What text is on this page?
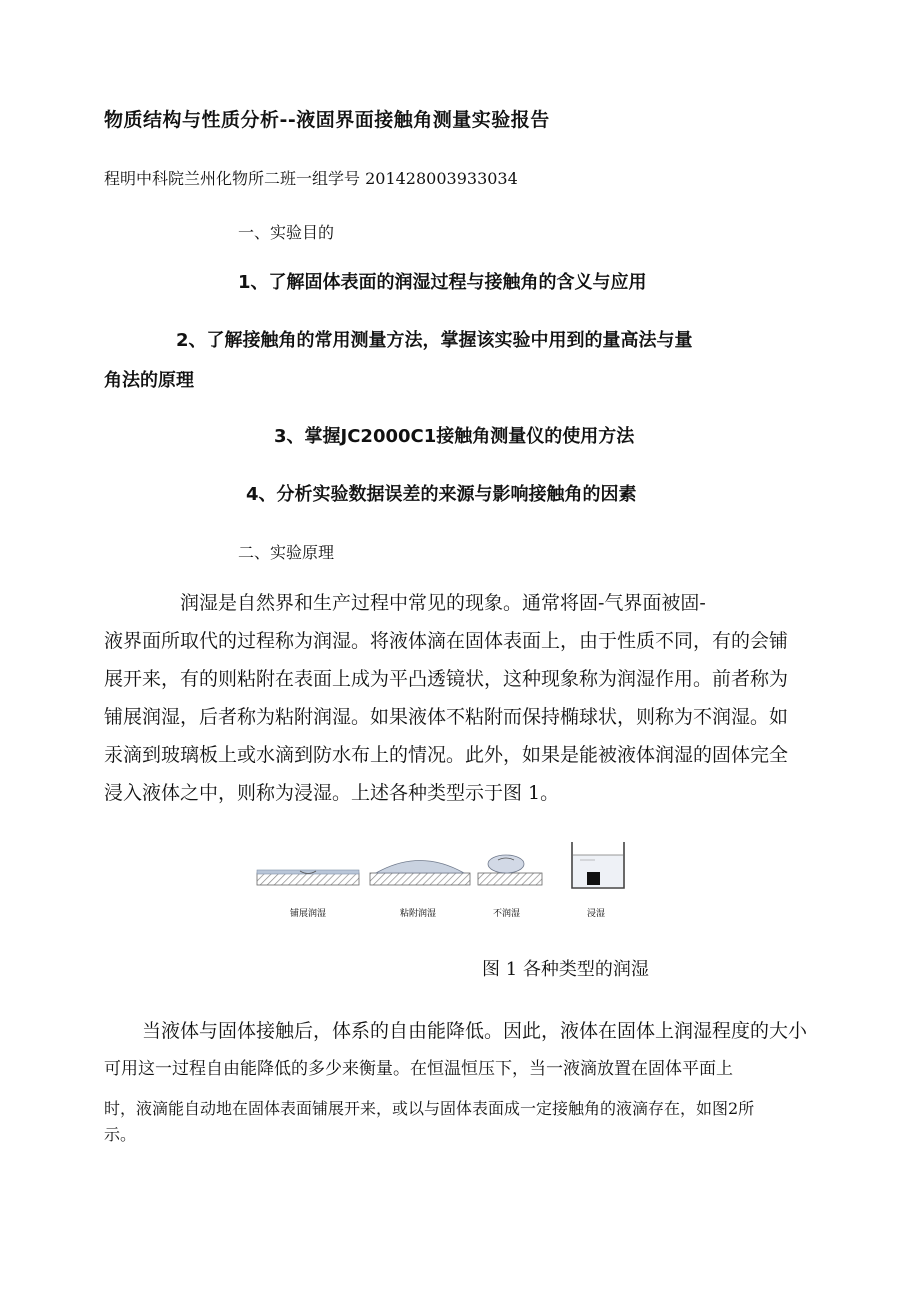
物质结构与性质分析--液固界面接触角测量实验报告
程明中科院兰州化物所二班一组学号 201428003933034
一、实验目的
1、了解固体表面的润湿过程与接触角的含义与应用
2、了解接触角的常用测量方法，掌握该实验中用到的量高法与量
角法的原理
3、掌握JC2000C1接触角测量仪的使用方法
4、分析实验数据误差的来源与影响接触角的因素
二、实验原理

　　　　润湿是自然界和生产过程中常见的现象。通常将固-气界面被固-

液界面所取代的过程称为润湿。将液体滴在固体表面上，由于性质不同，有的会铺

展开来，有的则粘附在表面上成为平凸透镜状，这种现象称为润湿作用。前者称为

铺展润湿，后者称为粘附润湿。如果液体不粘附而保持椭球状，则称为不润湿。如

汞滴到玻璃板上或水滴到防水布上的情况。此外，如果是能被液体润湿的固体完全

浸入液体之中，则称为浸湿。上述各种类型示于图 1。

铺展润湿	粘附润湿	不润湿	浸湿
图 1 各种类型的润湿

　　当液体与固体接触后，体系的自由能降低。因此，液体在固体上润湿程度的大小

可用这一过程自由能降低的多少来衡量。在恒温恒压下，当一液滴放置在固体平面上

时，液滴能自动地在固体表面铺展开来，或以与固体表面成一定接触角的液滴存在，如图2所

示。
